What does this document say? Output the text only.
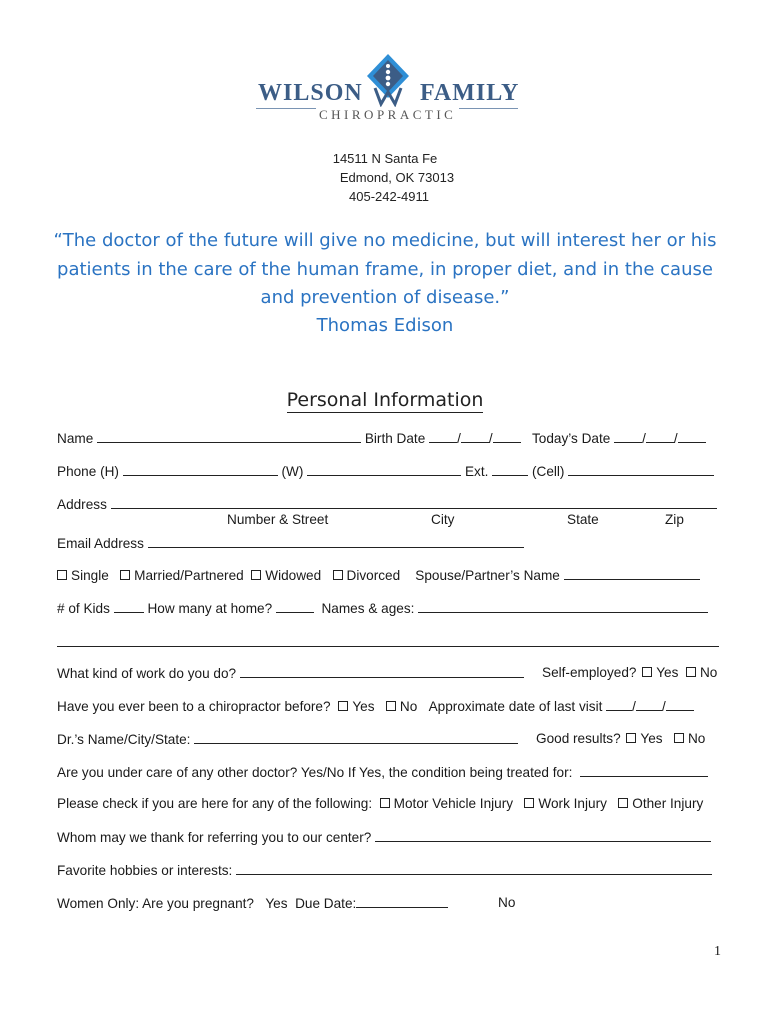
WILSON FAMILY
CHIROPRACTIC
14511 N Santa Fe
Edmond, OK 73013
405-242-4911
“The doctor of the future will give no medicine, but will interest her or his
patients in the care of the human frame, in proper diet, and in the cause
and prevention of disease.”
Thomas Edison
Personal Information
Name	Birth Date / /	Today’s Date / /
Phone (H)	(W)	Ext.	(Cell)
Address
Number & Street	City	State	Zip
Email Address
Single Married/Partnered Widowed Divorced Spouse/Partner’s Name
# of Kids	How many at home?	Names & ages:
What kind of work do you do?	Self-employed? Yes No
Have you ever been to a chiropractor before? Yes No Approximate date of last visit / /
Dr.’s Name/City/State:	Good results? Yes No
Are you under care of any other doctor? Yes/No If Yes, the condition being treated for:
Please check if you are here for any of the following: Motor Vehicle Injury Work Injury Other Injury
Whom may we thank for referring you to our center?
Favorite hobbies or interests:
Women Only: Are you pregnant? Yes Due Date:	No
1
